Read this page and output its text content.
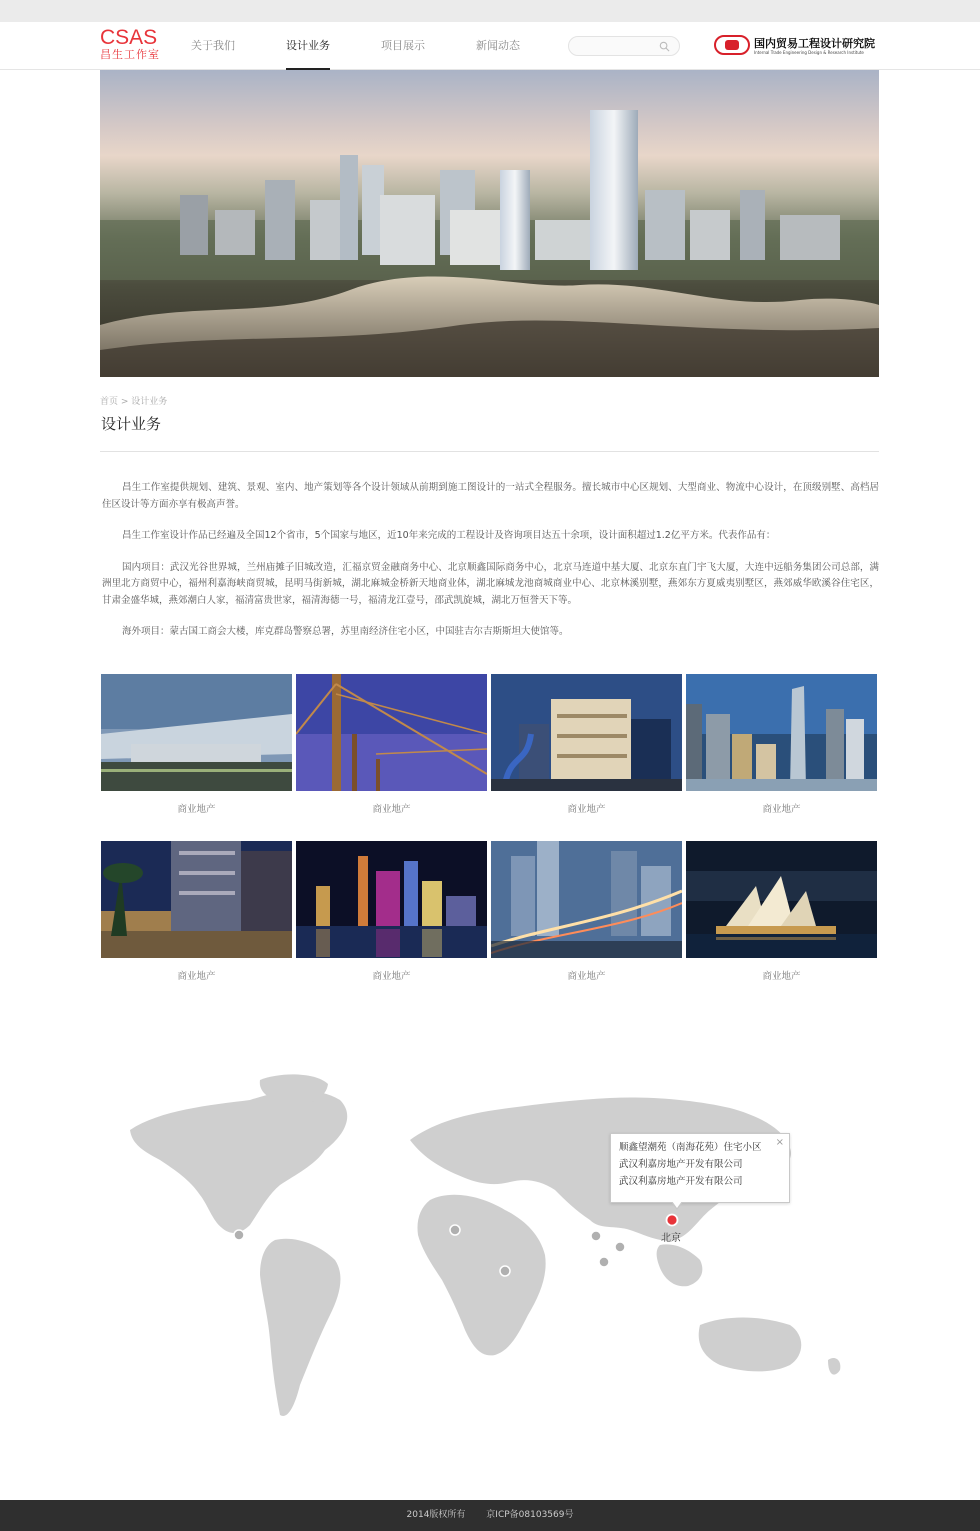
CSAS
昌生工作室
关于我们	设计业务	项目展示	新闻动态	国内贸易工程设计研究院
Internal Trade Engineering Design & Research Institute
首页 > 设计业务
设计业务

昌生工作室提供规划、建筑、景观、室内、地产策划等各个设计领域从前期到施工图设计的一站式全程服务。擅长城市中心区规划、大型商业、物流中心设计，在顶级别墅、高档居住区设计等方面亦享有极高声誉。

昌生工作室设计作品已经遍及全国12个省市，5个国家与地区，近10年来完成的工程设计及咨询项目达五十余项，设计面积超过1.2亿平方米。代表作品有：

国内项目：武汉光谷世界城，兰州庙摊子旧城改造，汇福京贸金融商务中心、北京顺鑫国际商务中心，北京马连道中基大厦、北京东直门宇飞大厦，大连中远船务集团公司总部，满洲里北方商贸中心，福州利嘉海峡商贸城，昆明马街新城，湖北麻城金桥新天地商业体，湖北麻城龙池商城商业中心、北京林溪别墅，燕郊东方夏威夷别墅区，燕郊威华欧溪谷住宅区，甘肃金盛华城，燕郊潮白人家，福清富贵世家，福清海德一号，福清龙江壹号，邵武凯旋城，湖北万恒誉天下等。

海外项目：蒙古国工商会大楼，库克群岛警察总署，苏里南经济住宅小区，中国驻吉尔吉斯斯坦大使馆等。

商业地产	商业地产	商业地产	商业地产
商业地产	商业地产	商业地产	商业地产
×
顺鑫望潮苑（南海花苑）住宅小区
武汉利嘉房地产开发有限公司
武汉利嘉房地产开发有限公司
北京
2014版权所有 京ICP备08103569号
